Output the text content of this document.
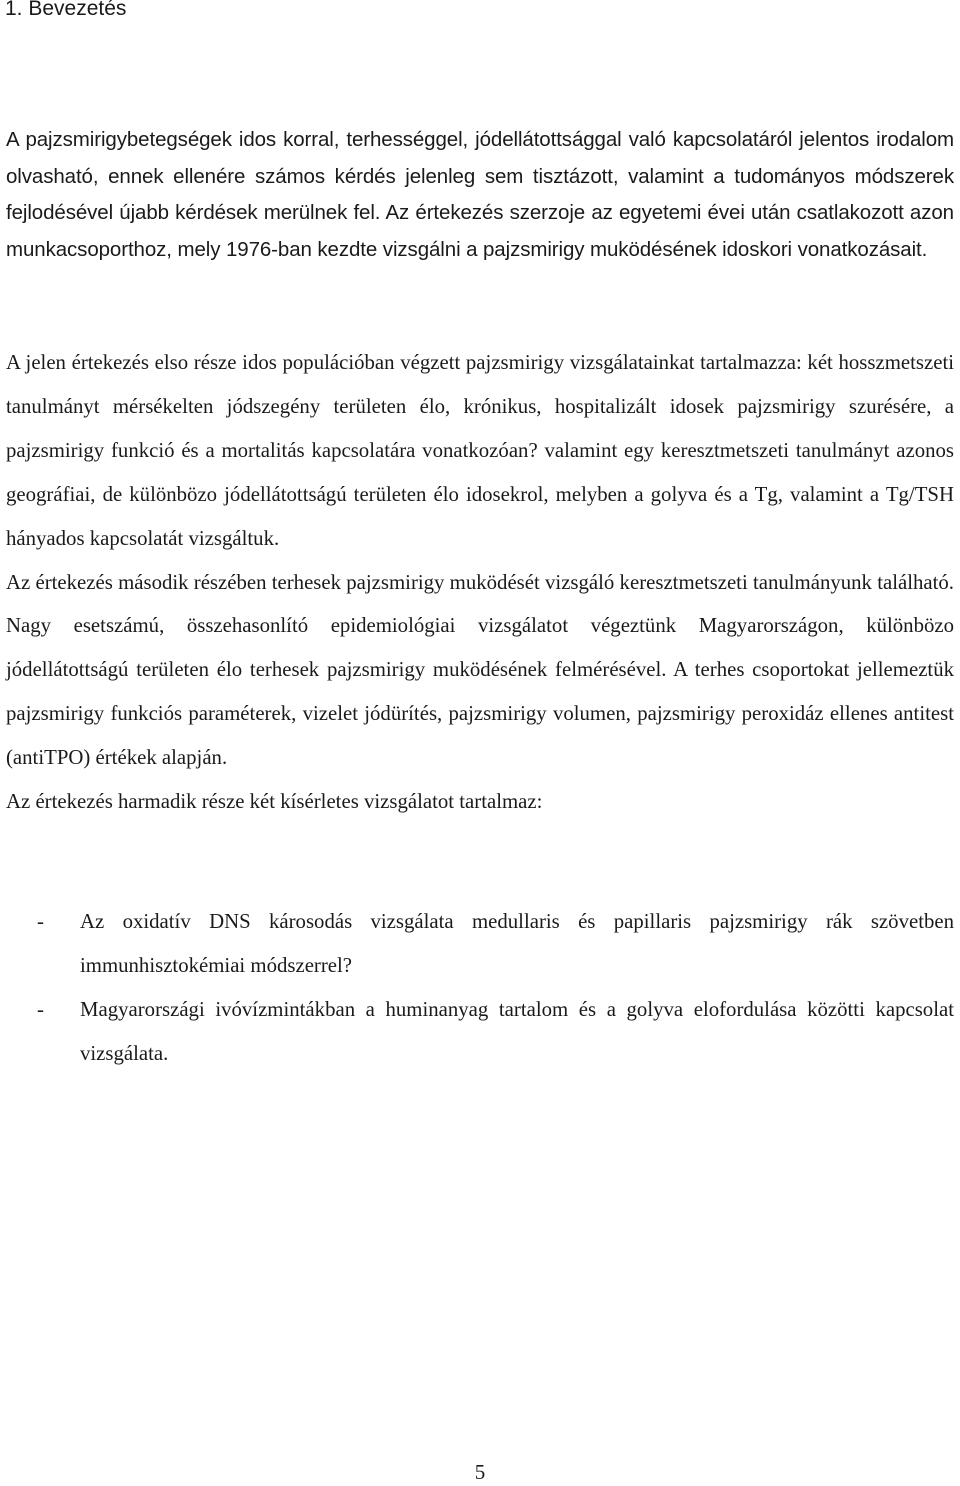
1. Bevezetés

A pajzsmirigybetegségek idos korral, terhességgel, jódellátottsággal való kapcsolatáról jelentos irodalom olvasható, ennek ellenére számos kérdés jelenleg sem tisztázott, valamint a tudományos módszerek fejlodésével újabb kérdések merülnek fel. Az értekezés szerzoje az egyetemi évei után csatlakozott azon munkacsoporthoz, mely 1976-ban kezdte vizsgálni a pajzsmirigy muködésének idoskori vonatkozásait.

A jelen értekezés elso része idos populációban végzett pajzsmirigy vizsgálatainkat tartalmazza: két hosszmetszeti tanulmányt mérsékelten jódszegény területen élo, krónikus, hospitalizált idosek pajzsmirigy szurésére, a pajzsmirigy funkció és a mortalitás kapcsolatára vonatkozóan? valamint egy keresztmetszeti tanulmányt azonos geográfiai, de különbözo jódellátottságú területen élo idosekrol, melyben a golyva és a Tg, valamint a Tg/TSH hányados kapcsolatát vizsgáltuk.

Az értekezés második részében terhesek pajzsmirigy muködését vizsgáló keresztmetszeti tanulmányunk található. Nagy esetszámú, összehasonlító epidemiológiai vizsgálatot végeztünk Magyarországon, különbözo jódellátottságú területen élo terhesek pajzsmirigy muködésének felmérésével. A terhes csoportokat jellemeztük pajzsmirigy funkciós paraméterek, vizelet jódürítés, pajzsmirigy volumen, pajzsmirigy peroxidáz ellenes antitest (antiTPO) értékek alapján.

Az értekezés harmadik része két kísérletes vizsgálatot tartalmaz:

- Az oxidatív DNS károsodás vizsgálata medullaris és papillaris pajzsmirigy rák szövetben immunhisztokémiai módszerrel?
- Magyarországi ivóvízmintákban a huminanyag tartalom és a golyva elofordulása közötti kapcsolat vizsgálata.
5
